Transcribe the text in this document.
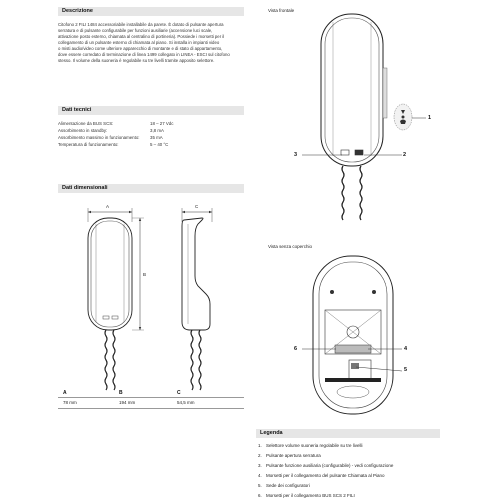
Descrizione
Citofono 2 FILI 1484 accessoriabile installabile da parete. È dotato di pulsante apertura
serratura e di pulsante configurabile per funzioni ausiliarie (accensione luci scale,
attivazione posto esterno, chiamata al centralino di portineria). Possiede i morsetti per il
collegamento di un pulsante esterno di chiamata al piano. Si installa in impianti video
o misti audio/video come ulteriore apparecchio di montante e di stato di appartamento,
dove essere corredato di terminazione di linea 1499 collegato in LINEA - ESCI sul citofono
stesso. Il volume della suoneria è regolabile su tre livelli tramite apposito selettore.
Dati tecnici
Alimentazione da BUS SCS:	18 – 27 Vdc
Assorbimento in standby:	3,8 mA
Assorbimento massimo in funzionamento: 35 mA
Temperatura di funzionamento:	5 – 40 °C
Dati dimensionali
A
B
C
A	B	C
78 mm	194 mm	54,5 mm
Vista frontale
1
2
3
Vista senza coperchio
4
5
6
Legenda
1. Selettore volume suoneria regolabile su tre livelli
2. Pulsante apertura serratura
3. Pulsante funzione ausiliaria (configurabile) - vedi configurazione
4. Morsetti per il collegamento del pulsante Chiamata al Piano
5. Sede dei configuratori
6. Morsetti per il collegamento BUS SCS 2 FILI
